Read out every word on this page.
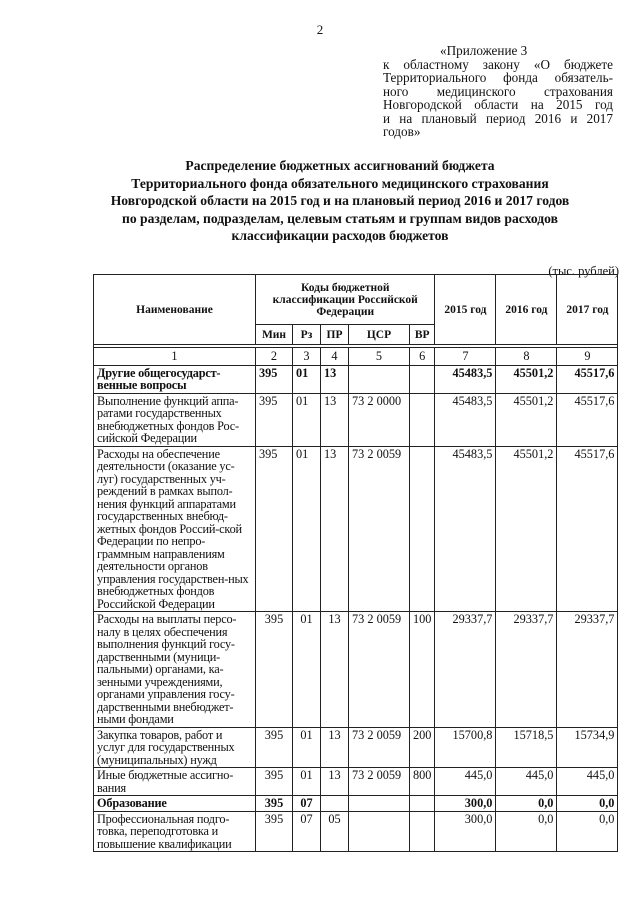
2
«Приложение 3
к областному закону «О бюджете
Территориального фонда обязатель-
ного медицинского страхования
Новгородской области на 2015 год
и на плановый период 2016 и 2017
годов»
Распределение бюджетных ассигнований бюджета
Территориального фонда обязательного медицинского страхования
Новгородской области на 2015 год и на плановый период 2016 и 2017 годов
по разделам, подразделам, целевым статьям и группам видов расходов
классификации расходов бюджетов
(тыс. рублей)
Наименование	Коды бюджетной классификации Российской Федерации					2015 год	2016 год	2017 год
	Мин	Рз	ПР	ЦСР	ВР			

1	2	3	4	5	6	7	8	9
Другие общегосударст-венные вопросы	395	01	13			45483,5	45501,2	45517,6
Выполнение функций аппа-ратами государственных внебюджетных фондов Рос-сийской Федерации	395	01	13	73 2 0000		45483,5	45501,2	45517,6
Расходы на обеспечение деятельности (оказание ус-луг) государственных уч-реждений в рамках выпол-нения функций аппаратами государственных внебюд-жетных фондов Россий-ской Федерации по непро-граммным направлениям деятельности органов управления государствен-ных внебюджетных фондов Российской Федерации	395	01	13	73 2 0059		45483,5	45501,2	45517,6
Расходы на выплаты персо-налу в целях обеспечения выполнения функций госу-дарственными (муници-пальными) органами, ка-зенными учреждениями, органами управления госу-дарственными внебюджет-ными фондами	395	01	13	73 2 0059	100	29337,7	29337,7	29337,7
Закупка товаров, работ и услуг для государственных (муниципальных) нужд	395	01	13	73 2 0059	200	15700,8	15718,5	15734,9
Иные бюджетные ассигно-вания	395	01	13	73 2 0059	800	445,0	445,0	445,0
Образование	395	07				300,0	0,0	0,0
Профессиональная подго-товка, переподготовка и повышение квалификации	395	07	05			300,0	0,0	0,0
